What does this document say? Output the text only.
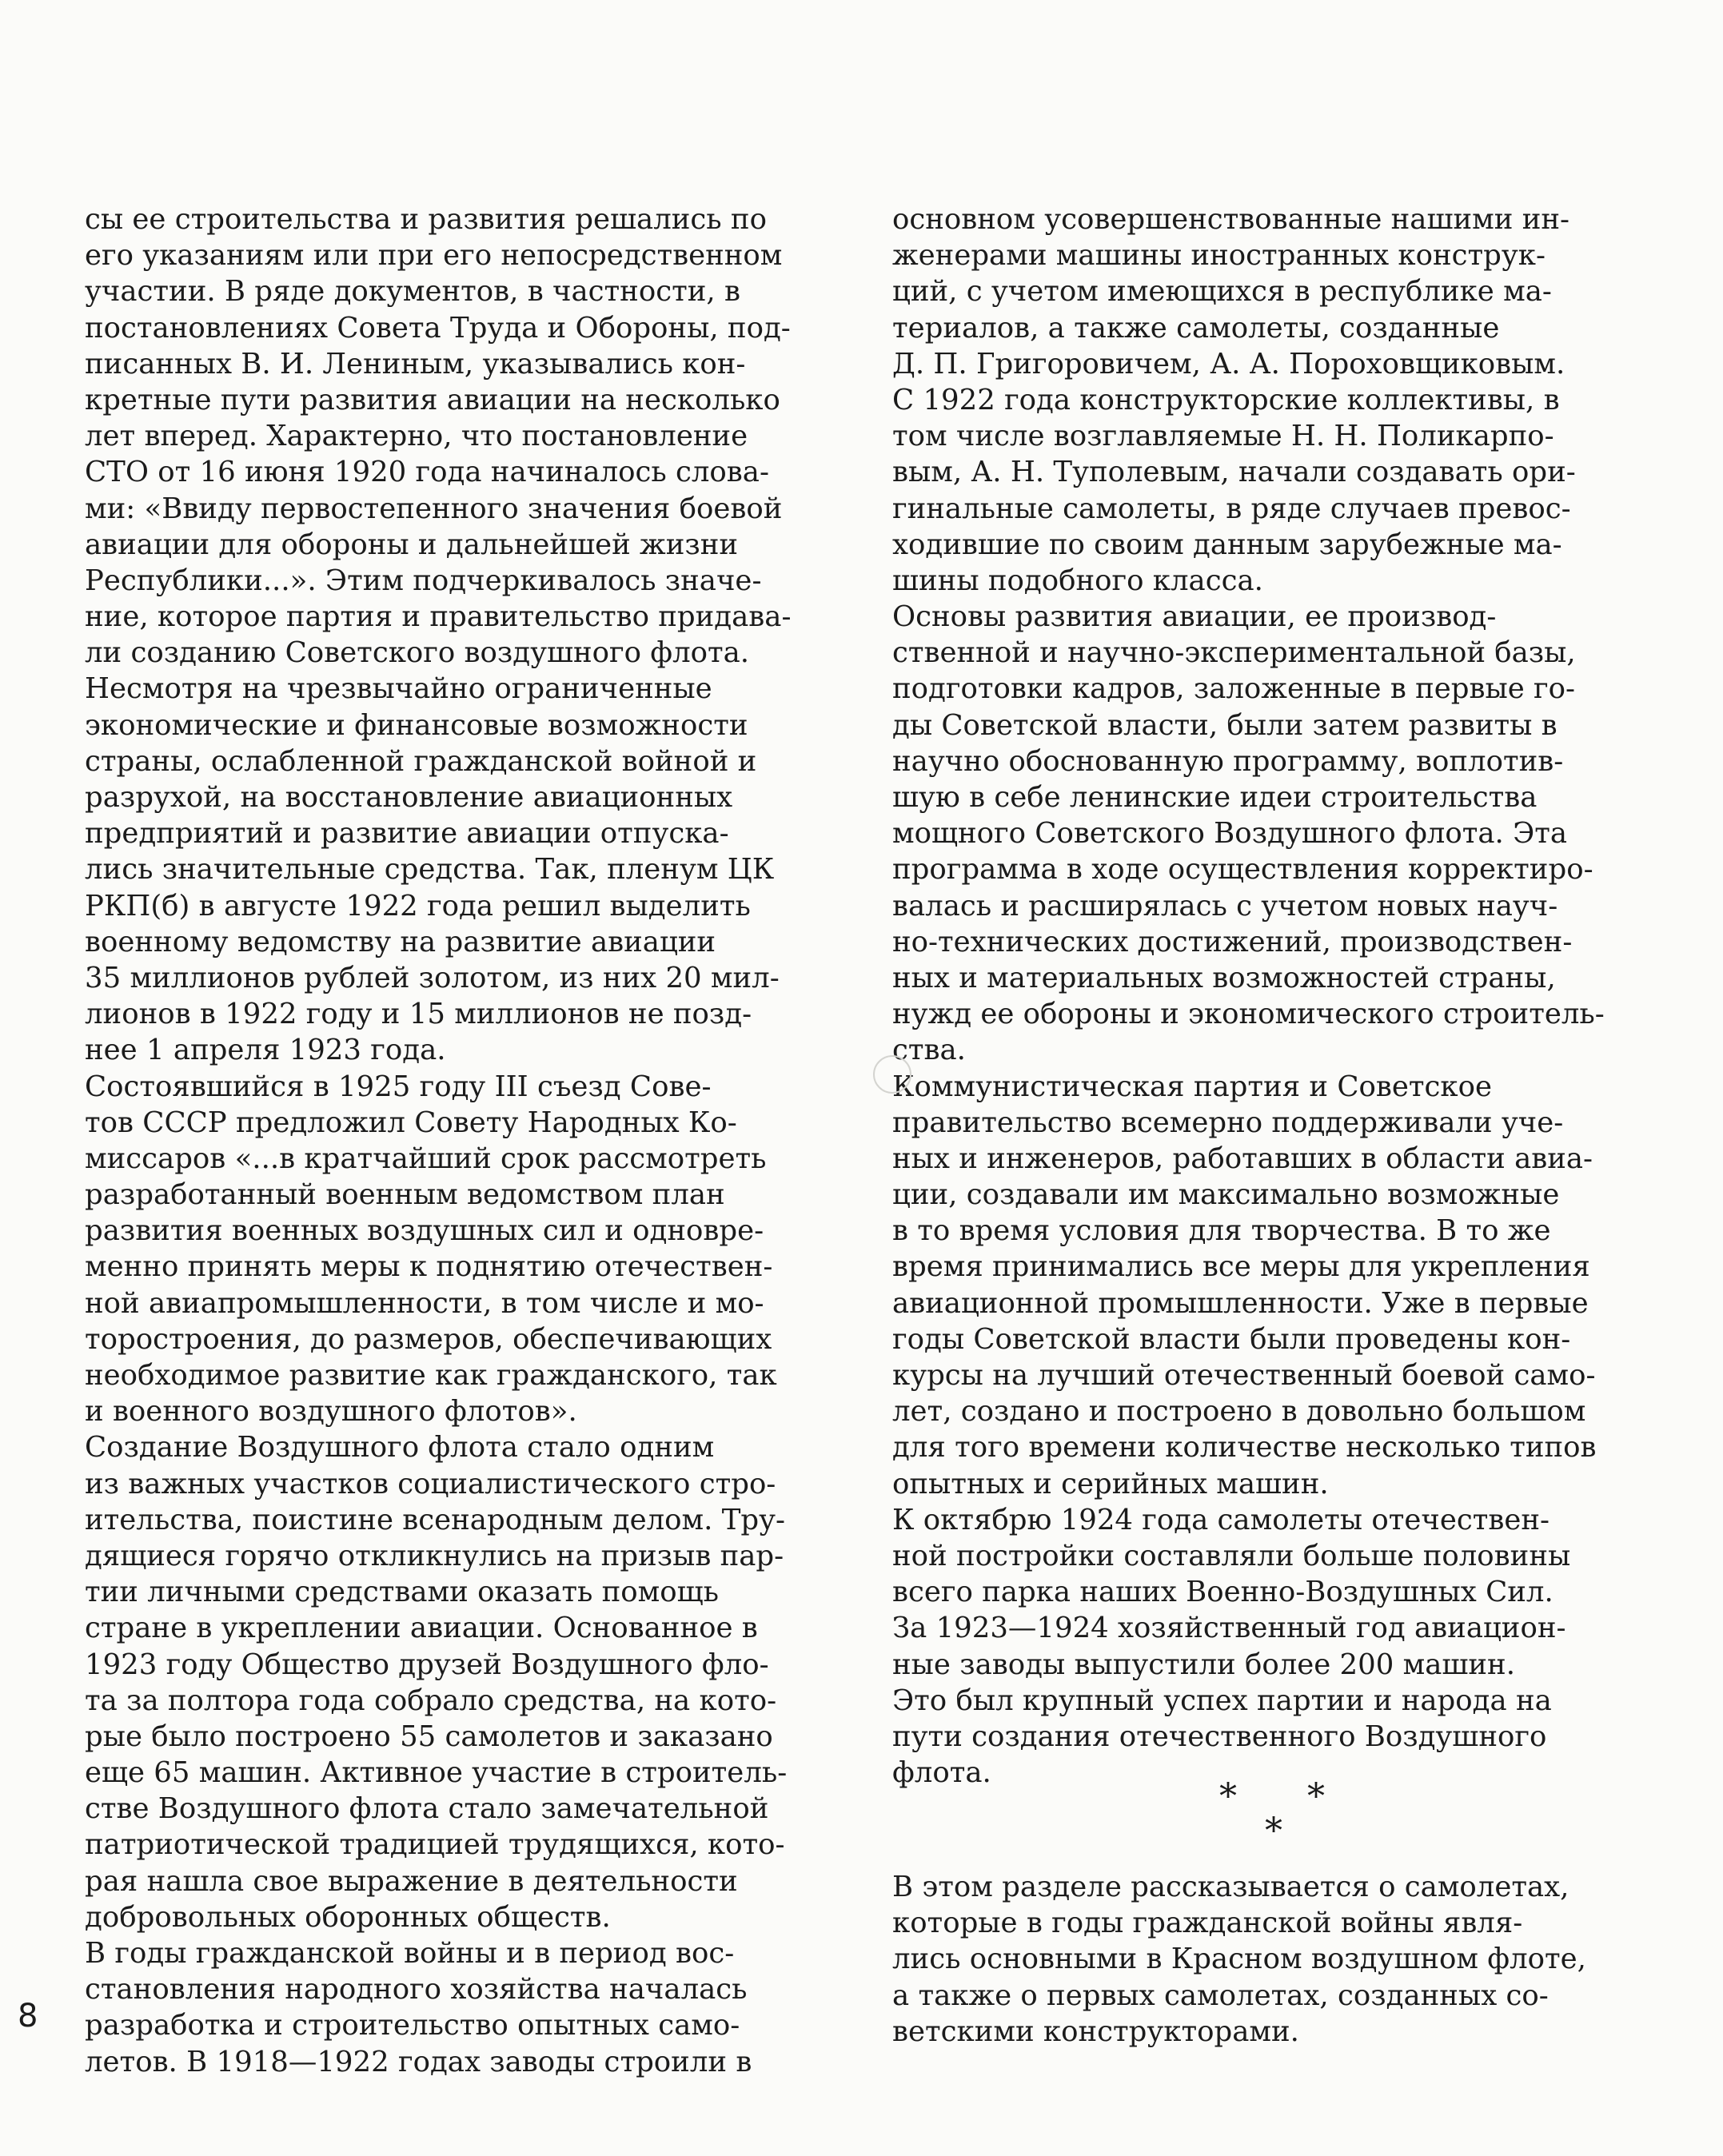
сы ее строительства и развития решались по
его указаниям или при его непосредственном
участии. В ряде документов, в частности, в
постановлениях Совета Труда и Обороны, под-
писанных В. И. Лениным, указывались кон-
кретные пути развития авиации на несколько
лет вперед. Характерно, что постановление
СТО от 16 июня 1920 года начиналось слова-
ми: «Ввиду первостепенного значения боевой
авиации для обороны и дальнейшей жизни
Республики...». Этим подчеркивалось значе-
ние, которое партия и правительство придава-
ли созданию Советского воздушного флота.
Несмотря на чрезвычайно ограниченные
экономические и финансовые возможности
страны, ослабленной гражданской войной и
разрухой, на восстановление авиационных
предприятий и развитие авиации отпуска-
лись значительные средства. Так, пленум ЦК
РКП(б) в августе 1922 года решил выделить
военному ведомству на развитие авиации
35 миллионов рублей золотом, из них 20 мил-
лионов в 1922 году и 15 миллионов не позд-
нее 1 апреля 1923 года.
Состоявшийся в 1925 году III съезд Сове-
тов СССР предложил Совету Народных Ко-
миссаров «...в кратчайший срок рассмотреть
разработанный военным ведомством план
развития военных воздушных сил и одновре-
менно принять меры к поднятию отечествен-
ной авиапромышленности, в том числе и мо-
торостроения, до размеров, обеспечивающих
необходимое развитие как гражданского, так
и военного воздушного флотов».
Создание Воздушного флота стало одним
из важных участков социалистического стро-
ительства, поистине всенародным делом. Тру-
дящиеся горячо откликнулись на призыв пар-
тии личными средствами оказать помощь
стране в укреплении авиации. Основанное в
1923 году Общество друзей Воздушного фло-
та за полтора года собрало средства, на кото-
рые было построено 55 самолетов и заказано
еще 65 машин. Активное участие в строитель-
стве Воздушного флота стало замечательной
патриотической традицией трудящихся, кото-
рая нашла свое выражение в деятельности
добровольных оборонных обществ.
В годы гражданской войны и в период вос-
становления народного хозяйства началась
разработка и строительство опытных само-
летов. В 1918—1922 годах заводы строили в
основном усовершенствованные нашими ин-
женерами машины иностранных конструк-
ций, с учетом имеющихся в республике ма-
териалов, а также самолеты, созданные
Д. П. Григоровичем, А. А. Пороховщиковым.
С 1922 года конструкторские коллективы, в
том числе возглавляемые Н. Н. Поликарпо-
вым, А. Н. Туполевым, начали создавать ори-
гинальные самолеты, в ряде случаев превос-
ходившие по своим данным зарубежные ма-
шины подобного класса.
Основы развития авиации, ее производ-
ственной и научно-экспериментальной базы,
подготовки кадров, заложенные в первые го-
ды Советской власти, были затем развиты в
научно обоснованную программу, воплотив-
шую в себе ленинские идеи строительства
мощного Советского Воздушного флота. Эта
программа в ходе осуществления корректиро-
валась и расширялась с учетом новых науч-
но-технических достижений, производствен-
ных и материальных возможностей страны,
нужд ее обороны и экономического строитель-
ства.
Коммунистическая партия и Советское
правительство всемерно поддерживали уче-
ных и инженеров, работавших в области авиа-
ции, создавали им максимально возможные
в то время условия для творчества. В то же
время принимались все меры для укрепления
авиационной промышленности. Уже в первые
годы Советской власти были проведены кон-
курсы на лучший отечественный боевой само-
лет, создано и построено в довольно большом
для того времени количестве несколько типов
опытных и серийных машин.
К октябрю 1924 года самолеты отечествен-
ной постройки составляли больше половины
всего парка наших Военно-Воздушных Сил.
За 1923—1924 хозяйственный год авиацион-
ные заводы выпустили более 200 машин.
Это был крупный успех партии и народа на
пути создания отечественного Воздушного
флота.
* *
*
В этом разделе рассказывается о самолетах,
которые в годы гражданской войны явля-
лись основными в Красном воздушном флоте,
а также о первых самолетах, созданных со-
ветскими конструкторами.
8
